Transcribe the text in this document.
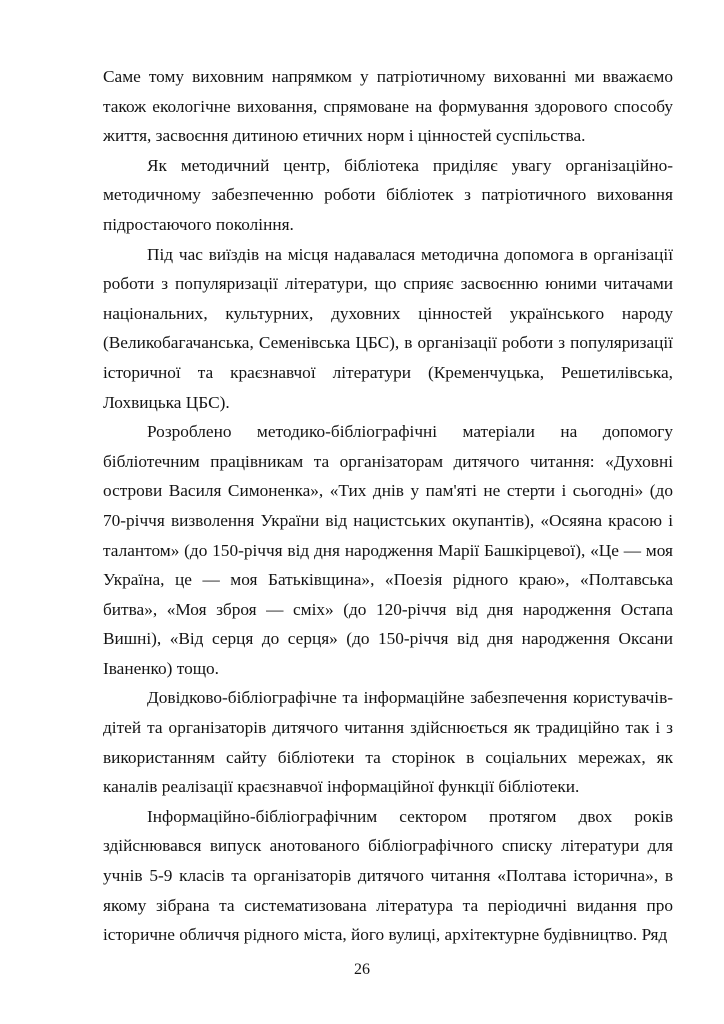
Саме тому виховним напрямком у патріотичному вихованні ми вважаємо також екологічне виховання, спрямоване на формування здорового способу життя, засвоєння дитиною етичних норм і цінностей суспільства.

Як методичний центр, бібліотека приділяє увагу організаційно-методичному забезпеченню роботи бібліотек з патріотичного виховання підростаючого покоління.

Під час виїздів на місця надавалася методична допомога в організації роботи з популяризації літератури, що сприяє засвоєнню юними читачами національних, культурних, духовних цінностей українського народу (Великобагачанська, Семенівська ЦБС), в організації роботи з популяризації історичної та краєзнавчої літератури (Кременчуцька, Решетилівська, Лохвицька ЦБС).

Розроблено методико-бібліографічні матеріали на допомогу бібліотечним працівникам та організаторам дитячого читання: «Духовні острови Василя Симоненка», «Тих днів у пам'яті не стерти і сьогодні» (до 70-річчя визволення України від нацистських окупантів), «Осяяна красою і талантом» (до 150-річчя від дня народження Марії Башкірцевої), «Це — моя Україна, це — моя Батьківщина», «Поезія рідного краю», «Полтавська битва», «Моя зброя — сміх» (до 120-річчя від дня народження Остапа Вишні), «Від серця до серця» (до 150-річчя від дня народження Оксани Іваненко) тощо.

Довідково-бібліографічне та інформаційне забезпечення користувачів-дітей та організаторів дитячого читання здійснюється як традиційно так і з використанням сайту бібліотеки та сторінок в соціальних мережах, як каналів реалізації краєзнавчої інформаційної функції бібліотеки.

Інформаційно-бібліографічним сектором протягом двох років здійснювався випуск анотованого бібліографічного списку літератури для учнів 5-9 класів та організаторів дитячого читання «Полтава історична», в якому зібрана та систематизована література та періодичні видання про історичне обличчя рідного міста, його вулиці, архітектурне будівництво. Ряд

26
